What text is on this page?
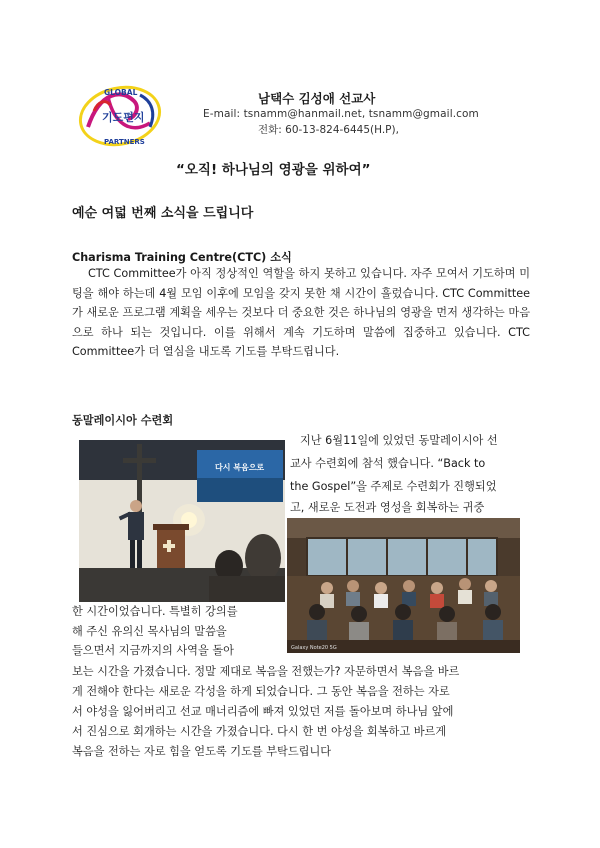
GLOBAL
기도편지
PARTNERS
남택수 김성애 선교사
E-mail: tsnamm@hanmail.net, tsnamm@gmail.com
전화: 60-13-824-6445(H.P),
“오직! 하나님의 영광을 위하여”
예순 여덟 번째 소식을 드립니다
Charisma Training Centre(CTC) 소식

CTC Committee가 아직 정상적인 역할을 하지 못하고 있습니다. 자주 모여서 기도하며 미팅을 해야 하는데 4월 모임 이후에 모임을 갖지 못한 채 시간이 흘렀습니다. CTC Committee가 새로운 프로그램 계획을 세우는 것보다 더 중요한 것은 하나님의 영광을 먼저 생각하는 마음으로 하나 되는 것입니다. 이를 위해서 계속 기도하며 말씀에 집중하고 있습니다. CTC Committee가 더 열심을 내도록 기도를 부탁드립니다.

동말레이시아 수련회
다시 복음으로
Galaxy Note20 5G
지난 6월11일에 있었던 동말레이시아 선
교사 수련회에 참석 했습니다. “Back to
the Gospel”을 주제로 수련회가 진행되었
고, 새로운 도전과 영성을 회복하는 귀중
한 시간이었습니다. 특별히 강의를
해 주신 유의신 목사님의 말씀을
들으면서 지금까지의 사역을 돌아
보는 시간을 가졌습니다. 정말 제대로 복음을 전했는가? 자문하면서 복음을 바르
게 전해야 한다는 새로운 각성을 하게 되었습니다. 그 동안 복음을 전하는 자로
서 야성을 잃어버리고 선교 매너리즘에 빠져 있었던 저를 돌아보며 하나님 앞에
서 진심으로 회개하는 시간을 가졌습니다. 다시 한 번 야성을 회복하고 바르게
복음을 전하는 자로 힘을 얻도록 기도를 부탁드립니다
